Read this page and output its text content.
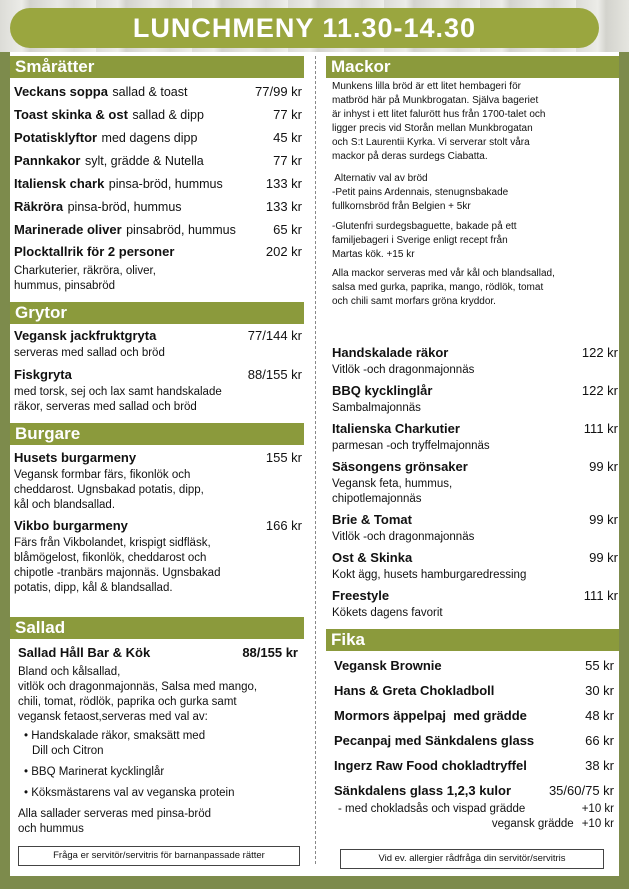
LUNCHMENY 11.30-14.30
Smårätter
Veckans soppa sallad & toast	77/99 kr
Toast skinka & ost sallad & dipp	77 kr
Potatisklyftor med dagens dipp	45 kr
Pannkakor sylt, grädde & Nutella	77 kr
Italiensk chark pinsa-bröd, hummus	133 kr
Räkröra pinsa-bröd, hummus	133 kr
Marinerade oliver pinsabröd, hummus	65 kr
Plocktallrik för 2 personer	202 kr
Charkuterier, räkröra, oliver,
hummus, pinsabröd
Grytor
Vegansk jackfruktgryta	77/144 kr
serveras med sallad och bröd
Fiskgryta	88/155 kr
med torsk, sej och lax samt handskalade
räkor, serveras med sallad och bröd
Burgare
Husets burgarmeny	155 kr
Vegansk formbar färs, fikonlök och
cheddarost. Ugnsbakad potatis, dipp,
kål och blandsallad.
Vikbo burgarmeny	166 kr
Färs från Vikbolandet, krispigt sidfläsk,
blåmögelost, fikonlök, cheddarost och
chipotle -tranbärs majonnäs. Ugnsbakad
potatis, dipp, kål & blandsallad.
Sallad
Sallad Håll Bar & Kök	88/155 kr
Bland och kålsallad,
vitlök och dragonmajonnäs, Salsa med mango,
chili, tomat, rödlök, paprika och gurka samt
vegansk fetaost,serveras med val av:
• Handskalade räkor, smaksätt med
Dill och Citron
• BBQ Marinerat kycklinglår
• Köksmästarens val av veganska protein
Alla sallader serveras med pinsa-bröd
och hummus
Fråga er servitör/servitris för barnanpassade rätter
Mackor
Munkens lilla bröd är ett litet hembageri för
matbröd här på Munkbrogatan. Själva bageriet
är inhyst i ett litet falurött hus från 1700-talet och
ligger precis vid Storån mellan Munkbrogatan
och S:t Laurentii Kyrka. Vi serverar stolt våra
mackor på deras surdegs Ciabatta.
Alternativ val av bröd
-Petit pains Ardennais, stenugnsbakade
fullkornsbröd från Belgien + 5kr
-Glutenfri surdegsbaguette, bakade på ett
familjebageri i Sverige enligt recept från
Martas kök. +15 kr
Alla mackor serveras med vår kål och blandsallad,
salsa med gurka, paprika, mango, rödlök, tomat
och chili samt morfars gröna kryddor.
Handskalade räkor	122 kr
Vitlök -och dragonmajonnäs
BBQ kycklinglår	122 kr
Sambalmajonnäs
Italienska Charkutier	111 kr
parmesan -och tryffelmajonnäs
Säsongens grönsaker	99 kr
Vegansk feta, hummus,
chipotlemajonnäs
Brie & Tomat	99 kr
Vitlök -och dragonmajonnäs
Ost & Skinka	99 kr
Kokt ägg, husets hamburgaredressing
Freestyle	111 kr
Kökets dagens favorit
Fika
Vegansk Brownie	55 kr
Hans & Greta Chokladboll	30 kr
Mormors äppelpaj  med grädde	48 kr
Pecanpaj med Sänkdalens glass	66 kr
Ingerz Raw Food chokladtryffel	38 kr
Sänkdalens glass 1,2,3 kulor	35/60/75 kr
- med chokladsås och vispad grädde	+10 kr
vegansk grädde +10 kr
Vid ev. allergier rådfråga din servitör/servitris
